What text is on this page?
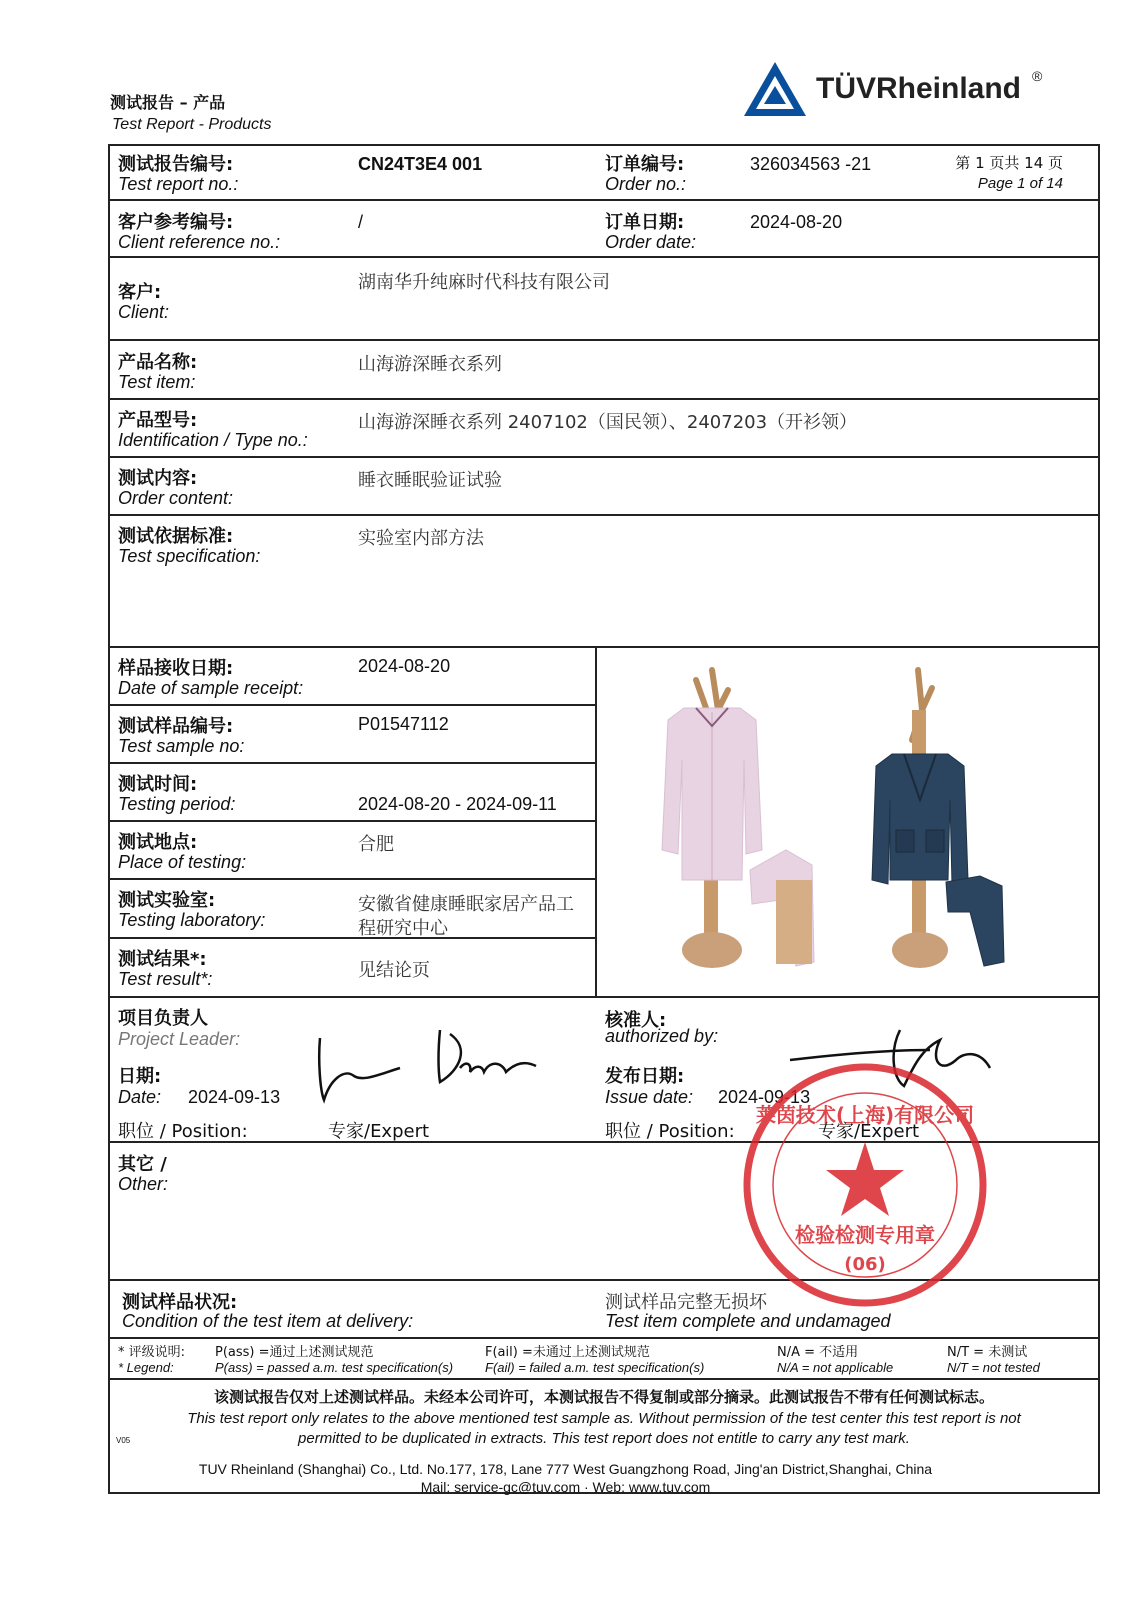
测试报告 – 产品
Test Report - Products
TÜVRheinland ®
测试报告编号:
Test report no.:
CN24T3E4 001	订单编号:
Order no.:
326034563 -21	第 1 页共 14 页
Page 1 of 14
客户参考编号:
Client reference no.:
/	订单日期:
Order date:
2024-08-20
客户:
Client:
湖南华升纯麻时代科技有限公司
产品名称:
Test item:
山海游深睡衣系列
产品型号:
Identification / Type no.:
山海游深睡衣系列 2407102（国民领）、2407203（开衫领）
测试内容:
Order content:
睡衣睡眠验证试验
测试依据标准:
Test specification:
实验室内部方法
样品接收日期:
Date of sample receipt:
2024-08-20
测试样品编号:
Test sample no:
P01547112
测试时间:
Testing period:	2024-08-20 - 2024-09-11
测试地点:
Place of testing:
合肥
测试实验室:
Testing laboratory:
安徽省健康睡眠家居产品工
程研究中心
测试结果*:
Test result*:	见结论页
项目负责人
Project Leader:
日期:
Date: 2024-09-13
职位 / Position:	专家/Expert
核准人:
authorized by:
发布日期:
Issue date: 2024-09-13
职位 / Position:	专家/Expert
检验检测专用章
(06)
莱茵技术(上海)有限公司
其它 /
Other:
测试样品状况:
Condition of the test item at delivery:
测试样品完整无损坏
Test item complete and undamaged
* 评级说明:
* Legend:
P(ass) =通过上述测试规范
P(ass) = passed a.m. test specification(s)
F(ail) =未通过上述测试规范
F(ail) = failed a.m. test specification(s)
N/A = 不适用
N/A = not applicable
N/T = 未测试
N/T = not tested
该测试报告仅对上述测试样品。未经本公司许可，本测试报告不得复制或部分摘录。此测试报告不带有任何测试标志。
This test report only relates to the above mentioned test sample as. Without permission of the test center this test report is not
permitted to be duplicated in extracts. This test report does not entitle to carry any test mark.
V05
TUV Rheinland (Shanghai) Co., Ltd. No.177, 178, Lane 777 West Guangzhong Road, Jing'an District,Shanghai, China
Mail: service-gc@tuv.com · Web: www.tuv.com
